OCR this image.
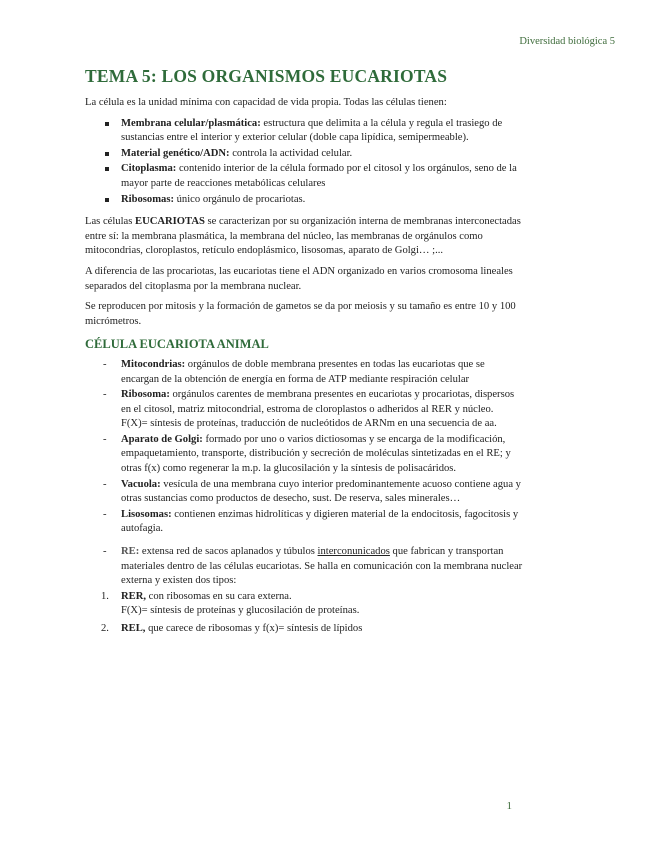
Diversidad biológica 5
TEMA 5: LOS ORGANISMOS EUCARIOTAS

La célula es la unidad mínima con capacidad de vida propia. Todas las células tienen:

Membrana celular/plasmática: estructura que delimita a la célula y regula el trasiego de sustancias entre el interior y exterior celular (doble capa lipídica, semipermeable).
Material genético/ADN: controla la actividad celular.
Citoplasma: contenido interior de la célula formado por el citosol y los orgánulos, seno de la mayor parte de reacciones metabólicas celulares
Ribosomas: único orgánulo de procariotas.

Las células EUCARIOTAS se caracterizan por su organización interna de membranas interconectadas entre sí: la membrana plasmática, la membrana del núcleo, las membranas de orgánulos como mitocondrias, cloroplastos, retículo endoplásmico, lisosomas, aparato de Golgi… ;...

A diferencia de las procariotas, las eucariotas tiene el ADN organizado en varios cromosoma lineales separados del citoplasma por la membrana nuclear.

Se reproducen por mitosis y la formación de gametos se da por meiosis y su tamaño es entre 10 y 100 micrómetros.

CÉLULA EUCARIOTA ANIMAL
- Mitocondrias: orgánulos de doble membrana presentes en todas las eucariotas que se encargan de la obtención de energía en forma de ATP mediante respiración celular
- Ribosoma: orgánulos carentes de membrana presentes en eucariotas y procariotas, dispersos en el citosol, matriz mitocondrial, estroma de cloroplastos o adheridos al RER y núcleo.
F(X)= síntesis de proteínas, traducción de nucleótidos de ARNm en una secuencia de aa.
- Aparato de Golgi: formado por uno o varios dictiosomas y se encarga de la modificación, empaquetamiento, transporte, distribución y secreción de moléculas sintetizadas en el RE; y otras f(x) como regenerar la m.p. la glucosilación y la síntesis de polisacáridos.
- Vacuola: vesícula de una membrana cuyo interior predominantemente acuoso contiene agua y otras sustancias como productos de desecho, sust. De reserva, sales minerales…
- Lisosomas: contienen enzimas hidrolíticas y digieren material de la endocitosis, fagocitosis y autofagia.
- RE: extensa red de sacos aplanados y túbulos interconunicados que fabrican y transportan materiales dentro de las células eucariotas. Se halla en comunicación con la membrana nuclear externa y existen dos tipos:
1. RER, con ribosomas en su cara externa.
F(X)= síntesis de proteínas y glucosilación de proteínas.
2. REL, que carece de ribosomas y f(x)= síntesis de lípidos
1
